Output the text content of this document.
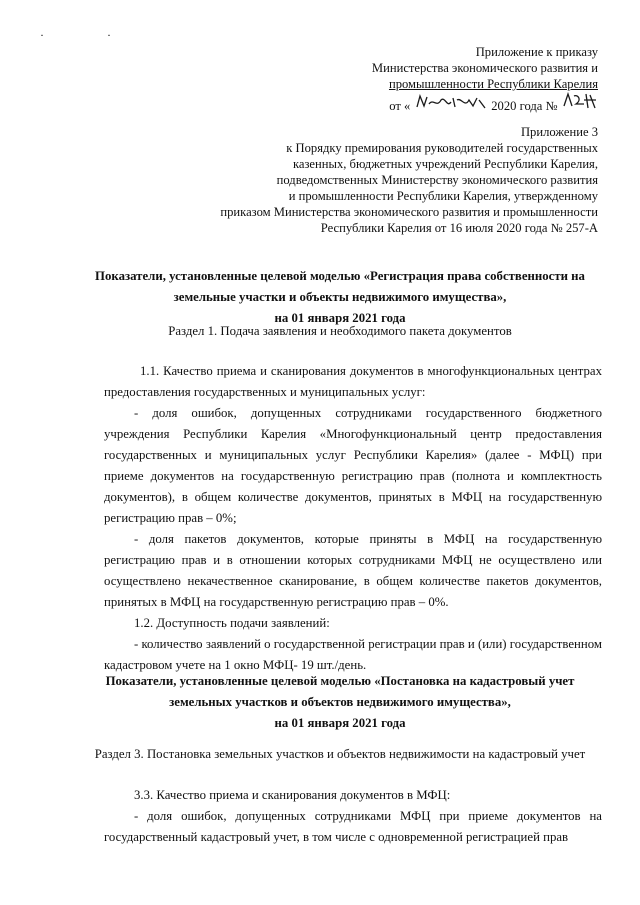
· ·
Приложение к приказу
Министерства экономического развития и
промышленности Республики Карелия
от «	2020 года №
Приложение 3
к Порядку премирования руководителей государственных
казенных, бюджетных учреждений Республики Карелия,
подведомственных Министерству экономического развития
и промышленности Республики Карелия, утвержденному
приказом Министерства экономического развития и промышленности
Республики Карелия от 16 июля 2020 года № 257-А
Показатели, установленные целевой моделью «Регистрация права собственности на
земельные участки и объекты недвижимого имущества»,
на 01 января 2021 года
Раздел 1. Подача заявления и необходимого пакета документов

1.1. Качество приема и сканирования документов в многофункциональных центрах предоставления государственных и муниципальных услуг:

- доля ошибок, допущенных сотрудниками государственного бюджетного учреждения Республики Карелия «Многофункциональный центр предоставления государственных и муниципальных услуг Республики Карелия» (далее - МФЦ) при приеме документов на государственную регистрацию прав (полнота и комплектность документов), в общем количестве документов, принятых в МФЦ на государственную регистрацию прав – 0%;

- доля пакетов документов, которые приняты в МФЦ на государственную регистрацию прав и в отношении которых сотрудниками МФЦ не осуществлено или осуществлено некачественное сканирование, в общем количестве пакетов документов, принятых в МФЦ на государственную регистрацию прав – 0%.

1.2. Доступность подачи заявлений:

- количество заявлений о государственной регистрации прав и (или) государственном кадастровом учете на 1 окно МФЦ- 19 шт./день.

Показатели, установленные целевой моделью «Постановка на кадастровый учет
земельных участков и объектов недвижимого имущества»,
на 01 января 2021 года
Раздел 3. Постановка земельных участков и объектов недвижимости на кадастровый учет

3.3. Качество приема и сканирования документов в МФЦ:

- доля ошибок, допущенных сотрудниками МФЦ при приеме документов на государственный кадастровый учет, в том числе с одновременной регистрацией прав
